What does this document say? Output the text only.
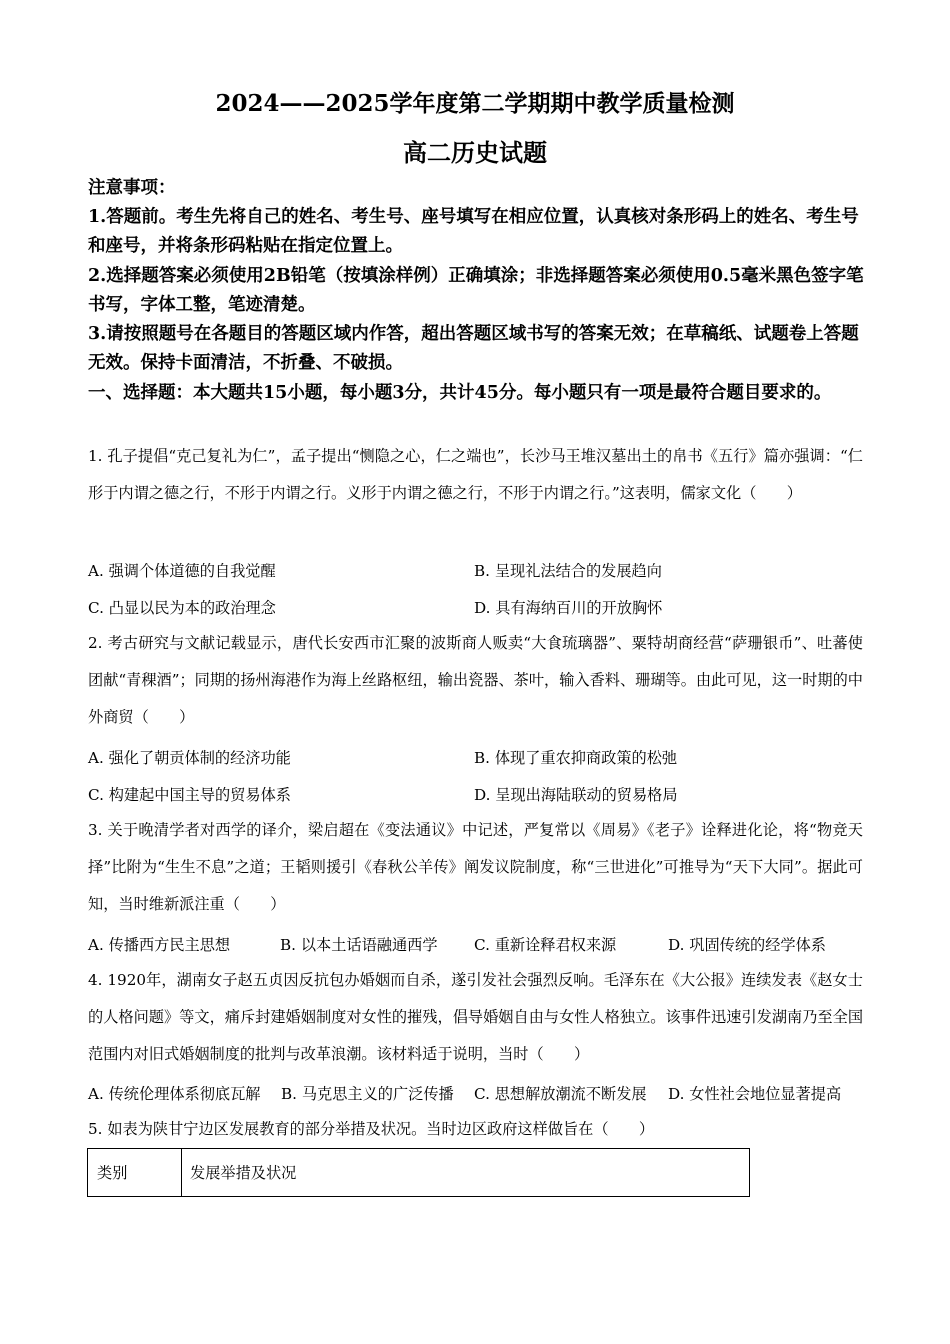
2024——2025学年度第二学期期中教学质量检测
高二历史试题
注意事项：
1.答题前。考生先将自己的姓名、考生号、座号填写在相应位置，认真核对条形码上的姓名、考生号和座号，并将条形码粘贴在指定位置上。
2.选择题答案必须使用2B铅笔（按填涂样例）正确填涂；非选择题答案必须使用0.5毫米黑色签字笔书写，字体工整，笔迹清楚。
3.请按照题号在各题目的答题区域内作答，超出答题区域书写的答案无效；在草稿纸、试题卷上答题无效。保持卡面清洁，不折叠、不破损。
一、选择题：本大题共15小题，每小题3分，共计45分。每小题只有一项是最符合题目要求的。
1. 孔子提倡“克己复礼为仁”，孟子提出“恻隐之心，仁之端也”，长沙马王堆汉墓出土的帛书《五行》篇亦强调：“仁形于内谓之德之行，不形于内谓之行。义形于内谓之德之行，不形于内谓之行。”这表明，儒家文化（　　）
A. 强调个体道德的自我觉醒	B. 呈现礼法结合的发展趋向
C. 凸显以民为本的政治理念	D. 具有海纳百川的开放胸怀
2. 考古研究与文献记载显示，唐代长安西市汇聚的波斯商人贩卖“大食琉璃器”、粟特胡商经营“萨珊银币”、吐蕃使团献“青稞酒”；同期的扬州海港作为海上丝路枢纽，输出瓷器、茶叶，输入香料、珊瑚等。由此可见，这一时期的中外商贸（　　）
A. 强化了朝贡体制的经济功能	B. 体现了重农抑商政策的松弛
C. 构建起中国主导的贸易体系	D. 呈现出海陆联动的贸易格局
3. 关于晚清学者对西学的译介，梁启超在《变法通议》中记述，严复常以《周易》《老子》诠释进化论，将“物竞天择”比附为“生生不息”之道；王韬则援引《春秋公羊传》阐发议院制度，称“三世进化”可推导为“天下大同”。据此可知，当时维新派注重（　　）
A. 传播西方民主思想	B. 以本土话语融通西学 C. 重新诠释君权来源	D. 巩固传统的经学体系
4. 1920年，湖南女子赵五贞因反抗包办婚姻而自杀，遂引发社会强烈反响。毛泽东在《大公报》连续发表《赵女士的人格问题》等文，痛斥封建婚姻制度对女性的摧残，倡导婚姻自由与女性人格独立。该事件迅速引发湖南乃至全国范围内对旧式婚姻制度的批判与改革浪潮。该材料适于说明，当时（　　）
A. 传统伦理体系彻底瓦解 B. 马克思主义的广泛传播 C. 思想解放潮流不断发展 D. 女性社会地位显著提高
5. 如表为陕甘宁边区发展教育的部分举措及状况。当时边区政府这样做旨在（　　）
类别	发展举措及状况
